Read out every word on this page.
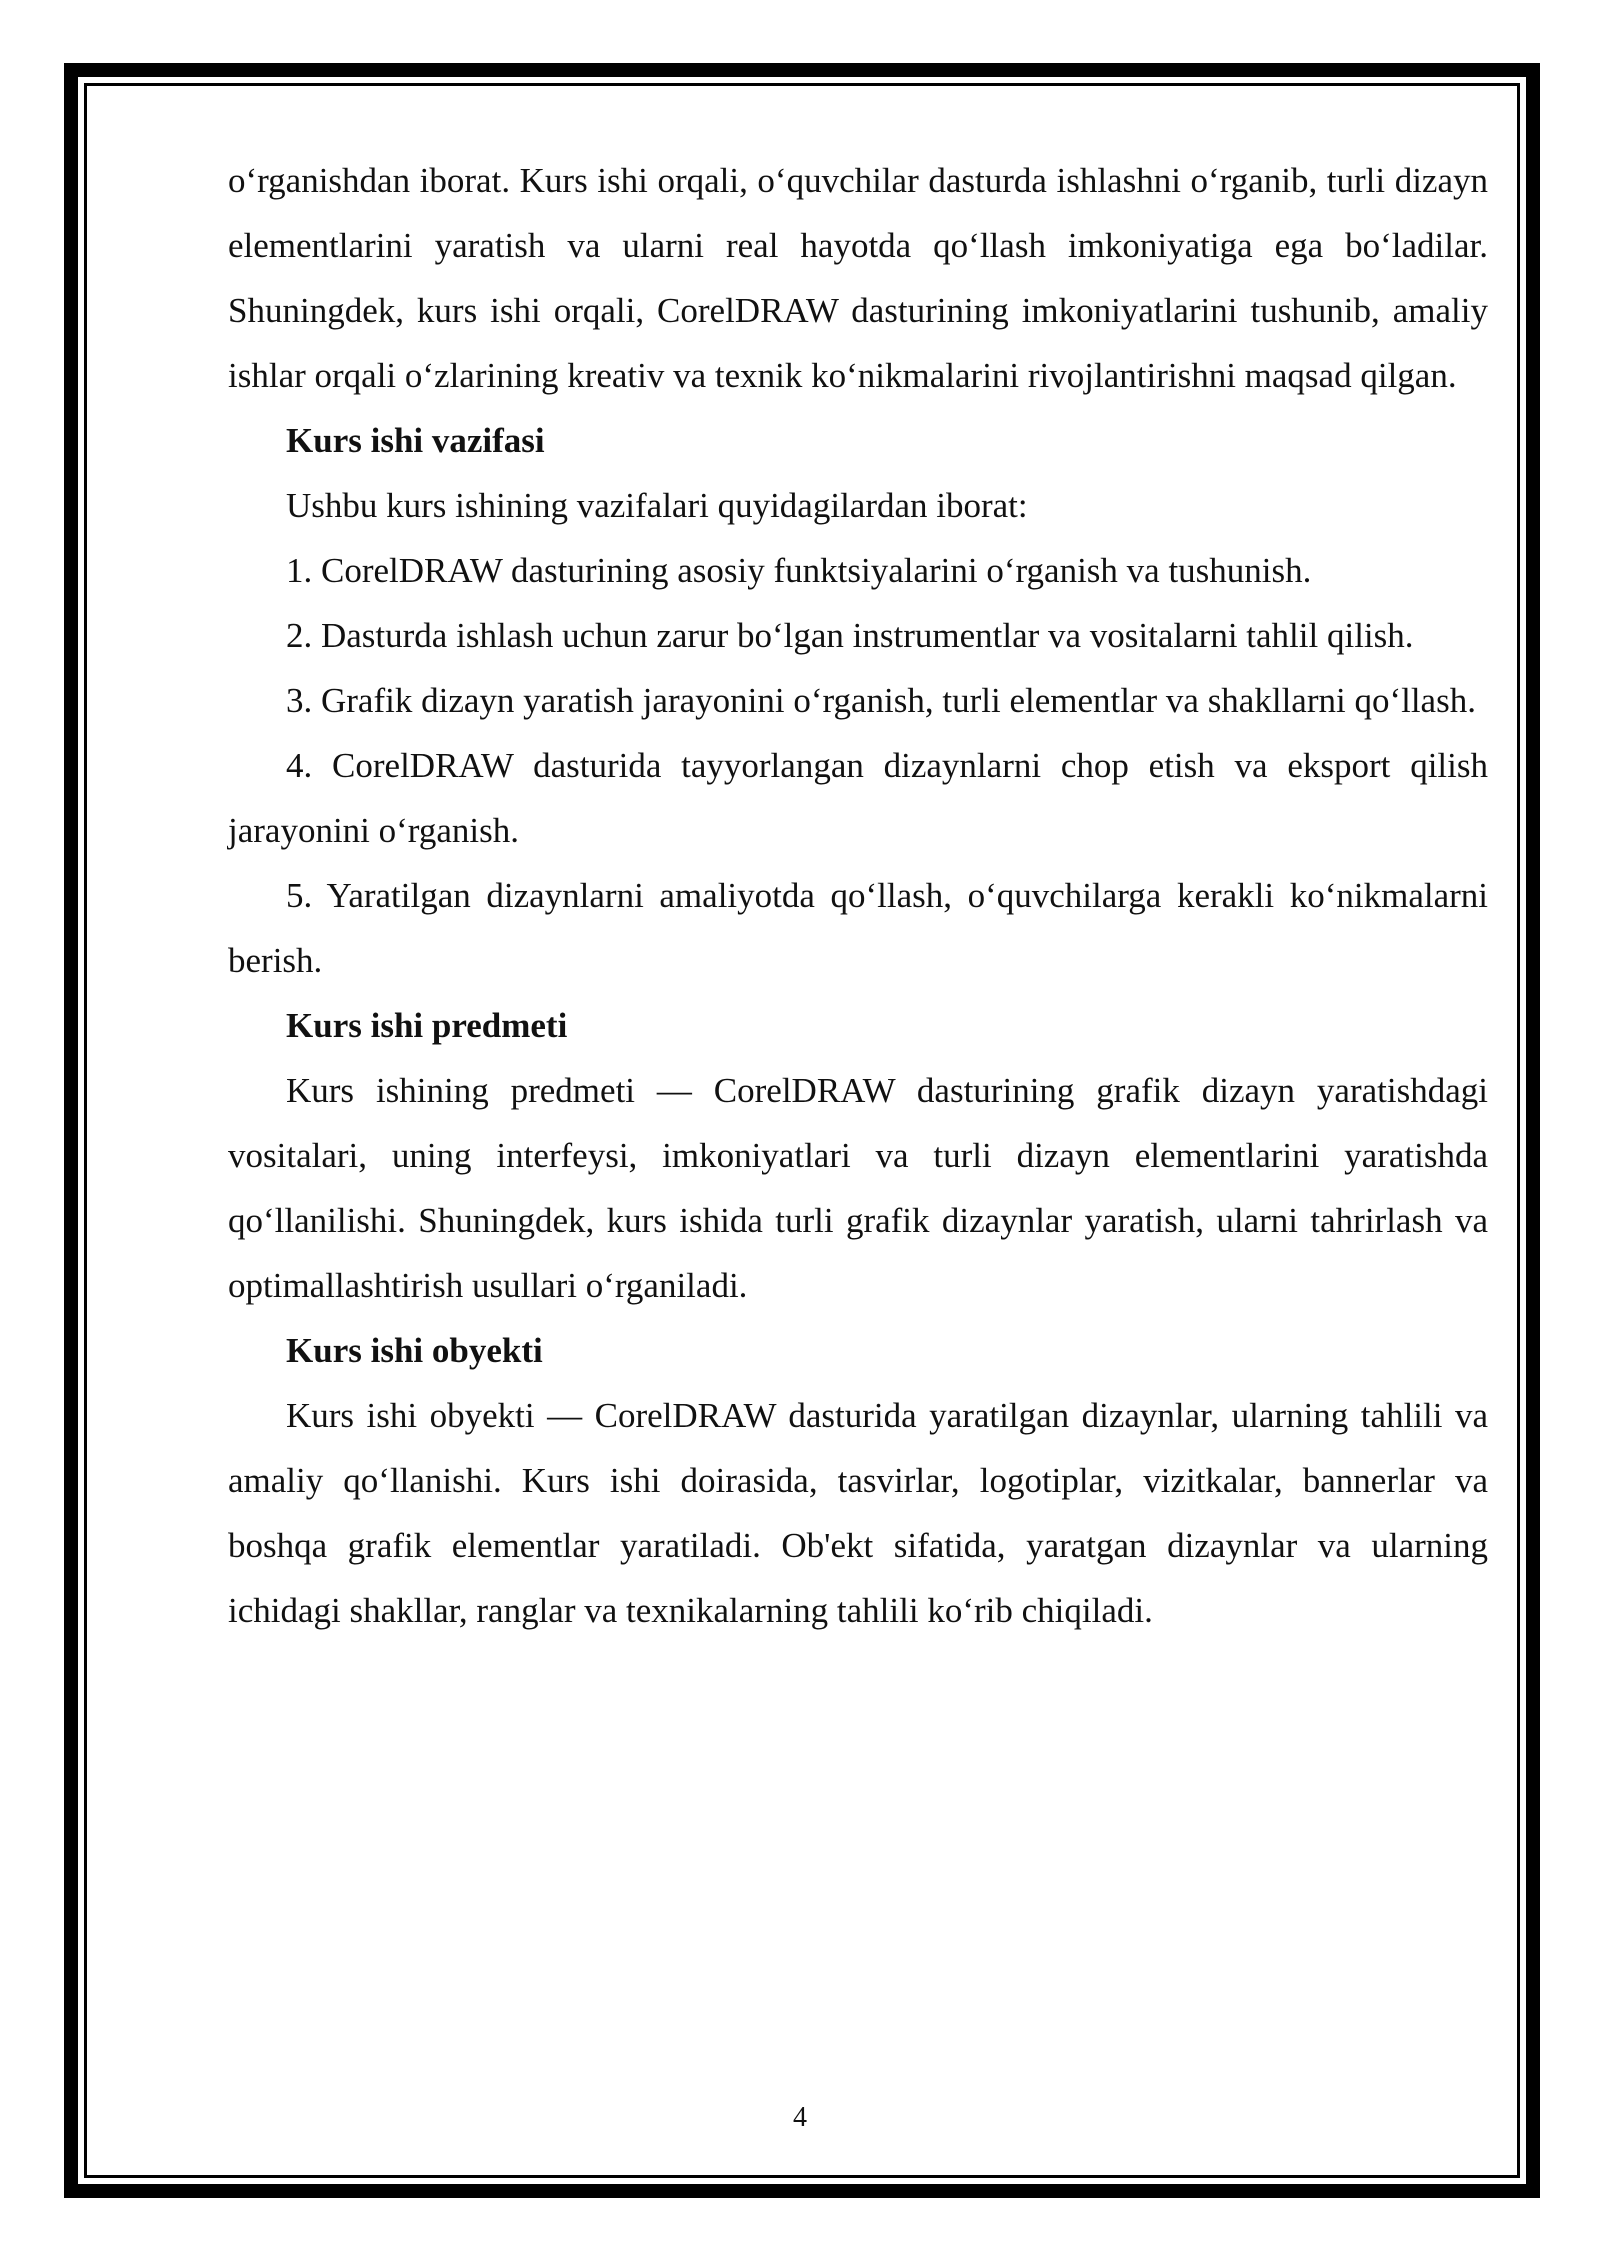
o‘rganishdan iborat. Kurs ishi orqali, o‘quvchilar dasturda ishlashni o‘rganib, turli dizayn elementlarini yaratish va ularni real hayotda qo‘llash imkoniyatiga ega bo‘ladilar. Shuningdek, kurs ishi orqali, CorelDRAW dasturining imkoniyatlarini tushunib, amaliy ishlar orqali o‘zlarining kreativ va texnik ko‘nikmalarini rivojlantirishni maqsad qilgan.

Kurs ishi vazifasi

Ushbu kurs ishining vazifalari quyidagilardan iborat:

1. CorelDRAW dasturining asosiy funktsiyalarini o‘rganish va tushunish.

2. Dasturda ishlash uchun zarur bo‘lgan instrumentlar va vositalarni tahlil qilish.

3. Grafik dizayn yaratish jarayonini o‘rganish, turli elementlar va shakllarni qo‘llash.

4. CorelDRAW dasturida tayyorlangan dizaynlarni chop etish va eksport qilish jarayonini o‘rganish.

5. Yaratilgan dizaynlarni amaliyotda qo‘llash, o‘quvchilarga kerakli ko‘nikmalarni berish.

Kurs ishi predmeti

Kurs ishining predmeti — CorelDRAW dasturining grafik dizayn yaratishdagi vositalari, uning interfeysi, imkoniyatlari va turli dizayn elementlarini yaratishda qo‘llanilishi. Shuningdek, kurs ishida turli grafik dizaynlar yaratish, ularni tahrirlash va optimallashtirish usullari o‘rganiladi.

Kurs ishi obyekti

Kurs ishi obyekti — CorelDRAW dasturida yaratilgan dizaynlar, ularning tahlili va amaliy qo‘llanishi. Kurs ishi doirasida, tasvirlar, logotiplar, vizitkalar, bannerlar va boshqa grafik elementlar yaratiladi. Ob'ekt sifatida, yaratgan dizaynlar va ularning ichidagi shakllar, ranglar va texnikalarning tahlili ko‘rib chiqiladi.

4
